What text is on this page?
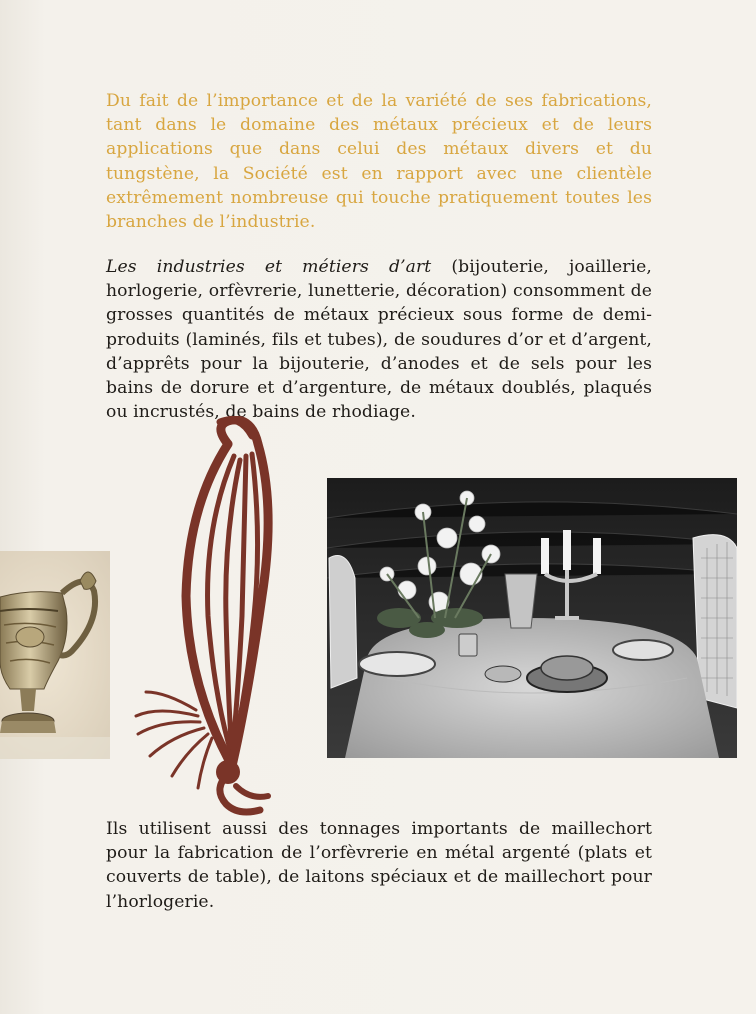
Du fait de l’importance et de la variété de ses fabrications, tant dans le domaine des métaux précieux et de leurs applications que dans celui des métaux divers et du tungstène, la Société est en rapport avec une clientèle extrêmement nombreuse qui touche pratiquement toutes les branches de l’industrie.

Les industries et métiers d’art (bijouterie, joaillerie, horlogerie, orfèvrerie, lunetterie, décoration) consomment de grosses quantités de métaux précieux sous forme de demi-produits (laminés, fils et tubes), de soudures d’or et d’argent, d’apprêts pour la bijouterie, d’anodes et de sels pour les bains de dorure et d’argenture, de métaux doublés, plaqués ou incrustés, de bains de rhodiage.

Ils utilisent aussi des tonnages importants de maillechort pour la fabrication de l’orfèvrerie en métal argenté (plats et couverts de table), de laitons spéciaux et de maillechort pour l’horlogerie.
